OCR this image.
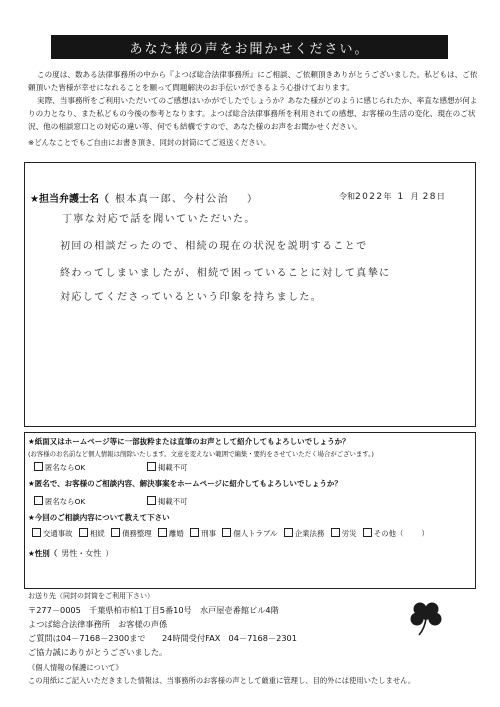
あなた様の声をお聞かせください。

この度は、数ある法律事務所の中から『よつば総合法律事務所』にご相談、ご依頼頂きありがとうございました。私どもは、ご依頼頂いた皆様が幸せになれることを願って問題解決のお手伝いができるよう心掛けております。

実際、当事務所をご利用いただいてのご感想はいかがでしたでしょうか？あなた様がどのように感じられたか、率直な感想が何よりの力となり、また私どもの今後の参考となります。よつば総合法律事務所を利用されての感想、お客様の生活の変化、現在のご状況、他の相談窓口との対応の違い等、何でも結構ですので、あなた様のお声をお聞かせください。

※どんなことでもご自由にお書き頂き、同封の封筒にてご返送ください。
★担当弁護士名（ 根本真一郎、今村公治 ）	令和2022年 1 月 28日
丁寧な対応で話を聞いていただいた。
初回の相談だったので、相続の現在の状況を説明することで
終わってしまいましたが、相続で困っていることに対して真摯に
対応してくださっているという印象を持ちました。
★紙面又はホームページ等に一部抜粋または直筆のお声として紹介してもよろしいでしょうか？
(お客様のお名前など個人情報は削除いたします。文意を変えない範囲で編集・要約をさせていただく場合がございます。)
匿名ならOK	掲載不可
★匿名で、お客様のご相談内容、解決事案をホームページに紹介してもよろしいでしょうか？
匿名ならOK	掲載不可
★今回のご相談内容について教えて下さい
交通事故 相続 債務整理 離婚 刑事 個人トラブル 企業法務 労災 その他（ ）
★性別（ 男性・女性 ）
お送り先（同封の封筒をご利用下さい）
〒277－0005　千葉県柏市柏1丁目5番10号　水戸屋壱番館ビル4階
よつば総合法律事務所　お客様の声係
ご質問は04－7168－2300まで　　24時間受付FAX　04－7168－2301
ご協力誠にありがとうございました。
《個人情報の保護について》
この用紙にご記入いただきました情報は、当事務所のお客様の声として厳重に管理し、目的外には使用いたしません。
